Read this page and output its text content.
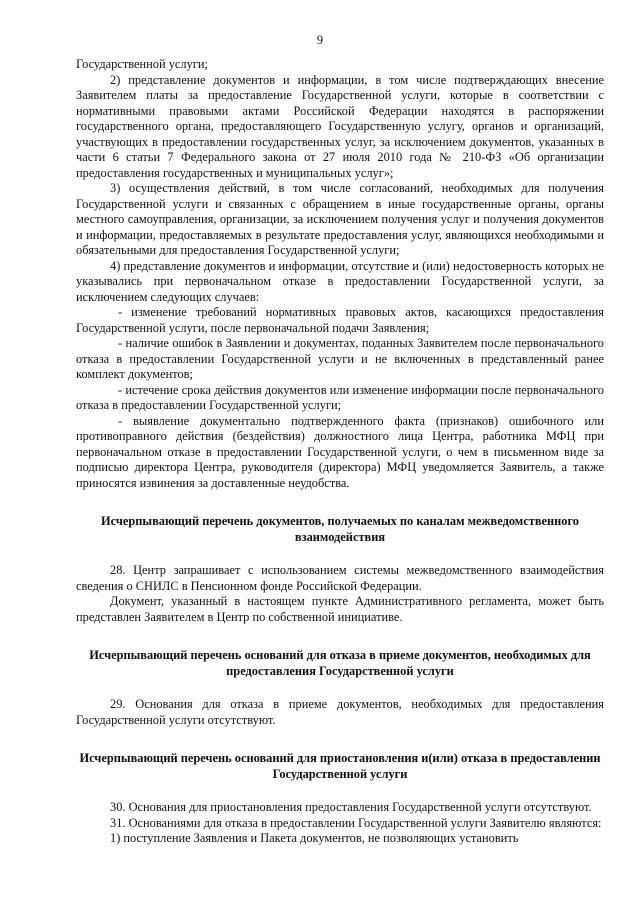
9

Государственной услуги;

2) представление документов и информации, в том числе подтверждающих внесение Заявителем платы за предоставление Государственной услуги, которые в соответствии с нормативными правовыми актами Российской Федерации находятся в распоряжении государственного органа, предоставляющего Государственную услугу, органов и организаций, участвующих в предоставлении государственных услуг, за исключением документов, указанных в части 6 статьи 7 Федерального закона от 27 июля 2010 года № 210-ФЗ «Об организации предоставления государственных и муниципальных услуг»;

3) осуществления действий, в том числе согласований, необходимых для получения Государственной услуги и связанных с обращением в иные государственные органы, органы местного самоуправления, организации, за исключением получения услуг и получения документов и информации, предоставляемых в результате предоставления услуг, являющихся необходимыми и обязательными для предоставления Государственной услуги;

4) представление документов и информации, отсутствие и (или) недостоверность которых не указывались при первоначальном отказе в предоставлении Государственной услуги, за исключением следующих случаев:

- изменение требований нормативных правовых актов, касающихся предоставления Государственной услуги, после первоначальной подачи Заявления;

- наличие ошибок в Заявлении и документах, поданных Заявителем после первоначального отказа в предоставлении Государственной услуги и не включенных в представленный ранее комплект документов;

- истечение срока действия документов или изменение информации после первоначального отказа в предоставлении Государственной услуги;

- выявление документально подтвержденного факта (признаков) ошибочного или противоправного действия (бездействия) должностного лица Центра, работника МФЦ при первоначальном отказе в предоставлении Государственной услуги, о чем в письменном виде за подписью директора Центра, руководителя (директора) МФЦ уведомляется Заявитель, а также приносятся извинения за доставленные неудобства.

Исчерпывающий перечень документов, получаемых по каналам межведомственного взаимодействия

28. Центр запрашивает с использованием системы межведомственного взаимодействия сведения о СНИЛС в Пенсионном фонде Российской Федерации.

Документ, указанный в настоящем пункте Административного регламента, может быть представлен Заявителем в Центр по собственной инициативе.

Исчерпывающий перечень оснований для отказа в приеме документов, необходимых для предоставления Государственной услуги

29. Основания для отказа в приеме документов, необходимых для предоставления Государственной услуги отсутствуют.

Исчерпывающий перечень оснований для приостановления и(или) отказа в предоставлении Государственной услуги

30. Основания для приостановления предоставления Государственной услуги отсутствуют.

31. Основаниями для отказа в предоставлении Государственной услуги Заявителю являются:

1) поступление Заявления и Пакета документов, не позволяющих установить
